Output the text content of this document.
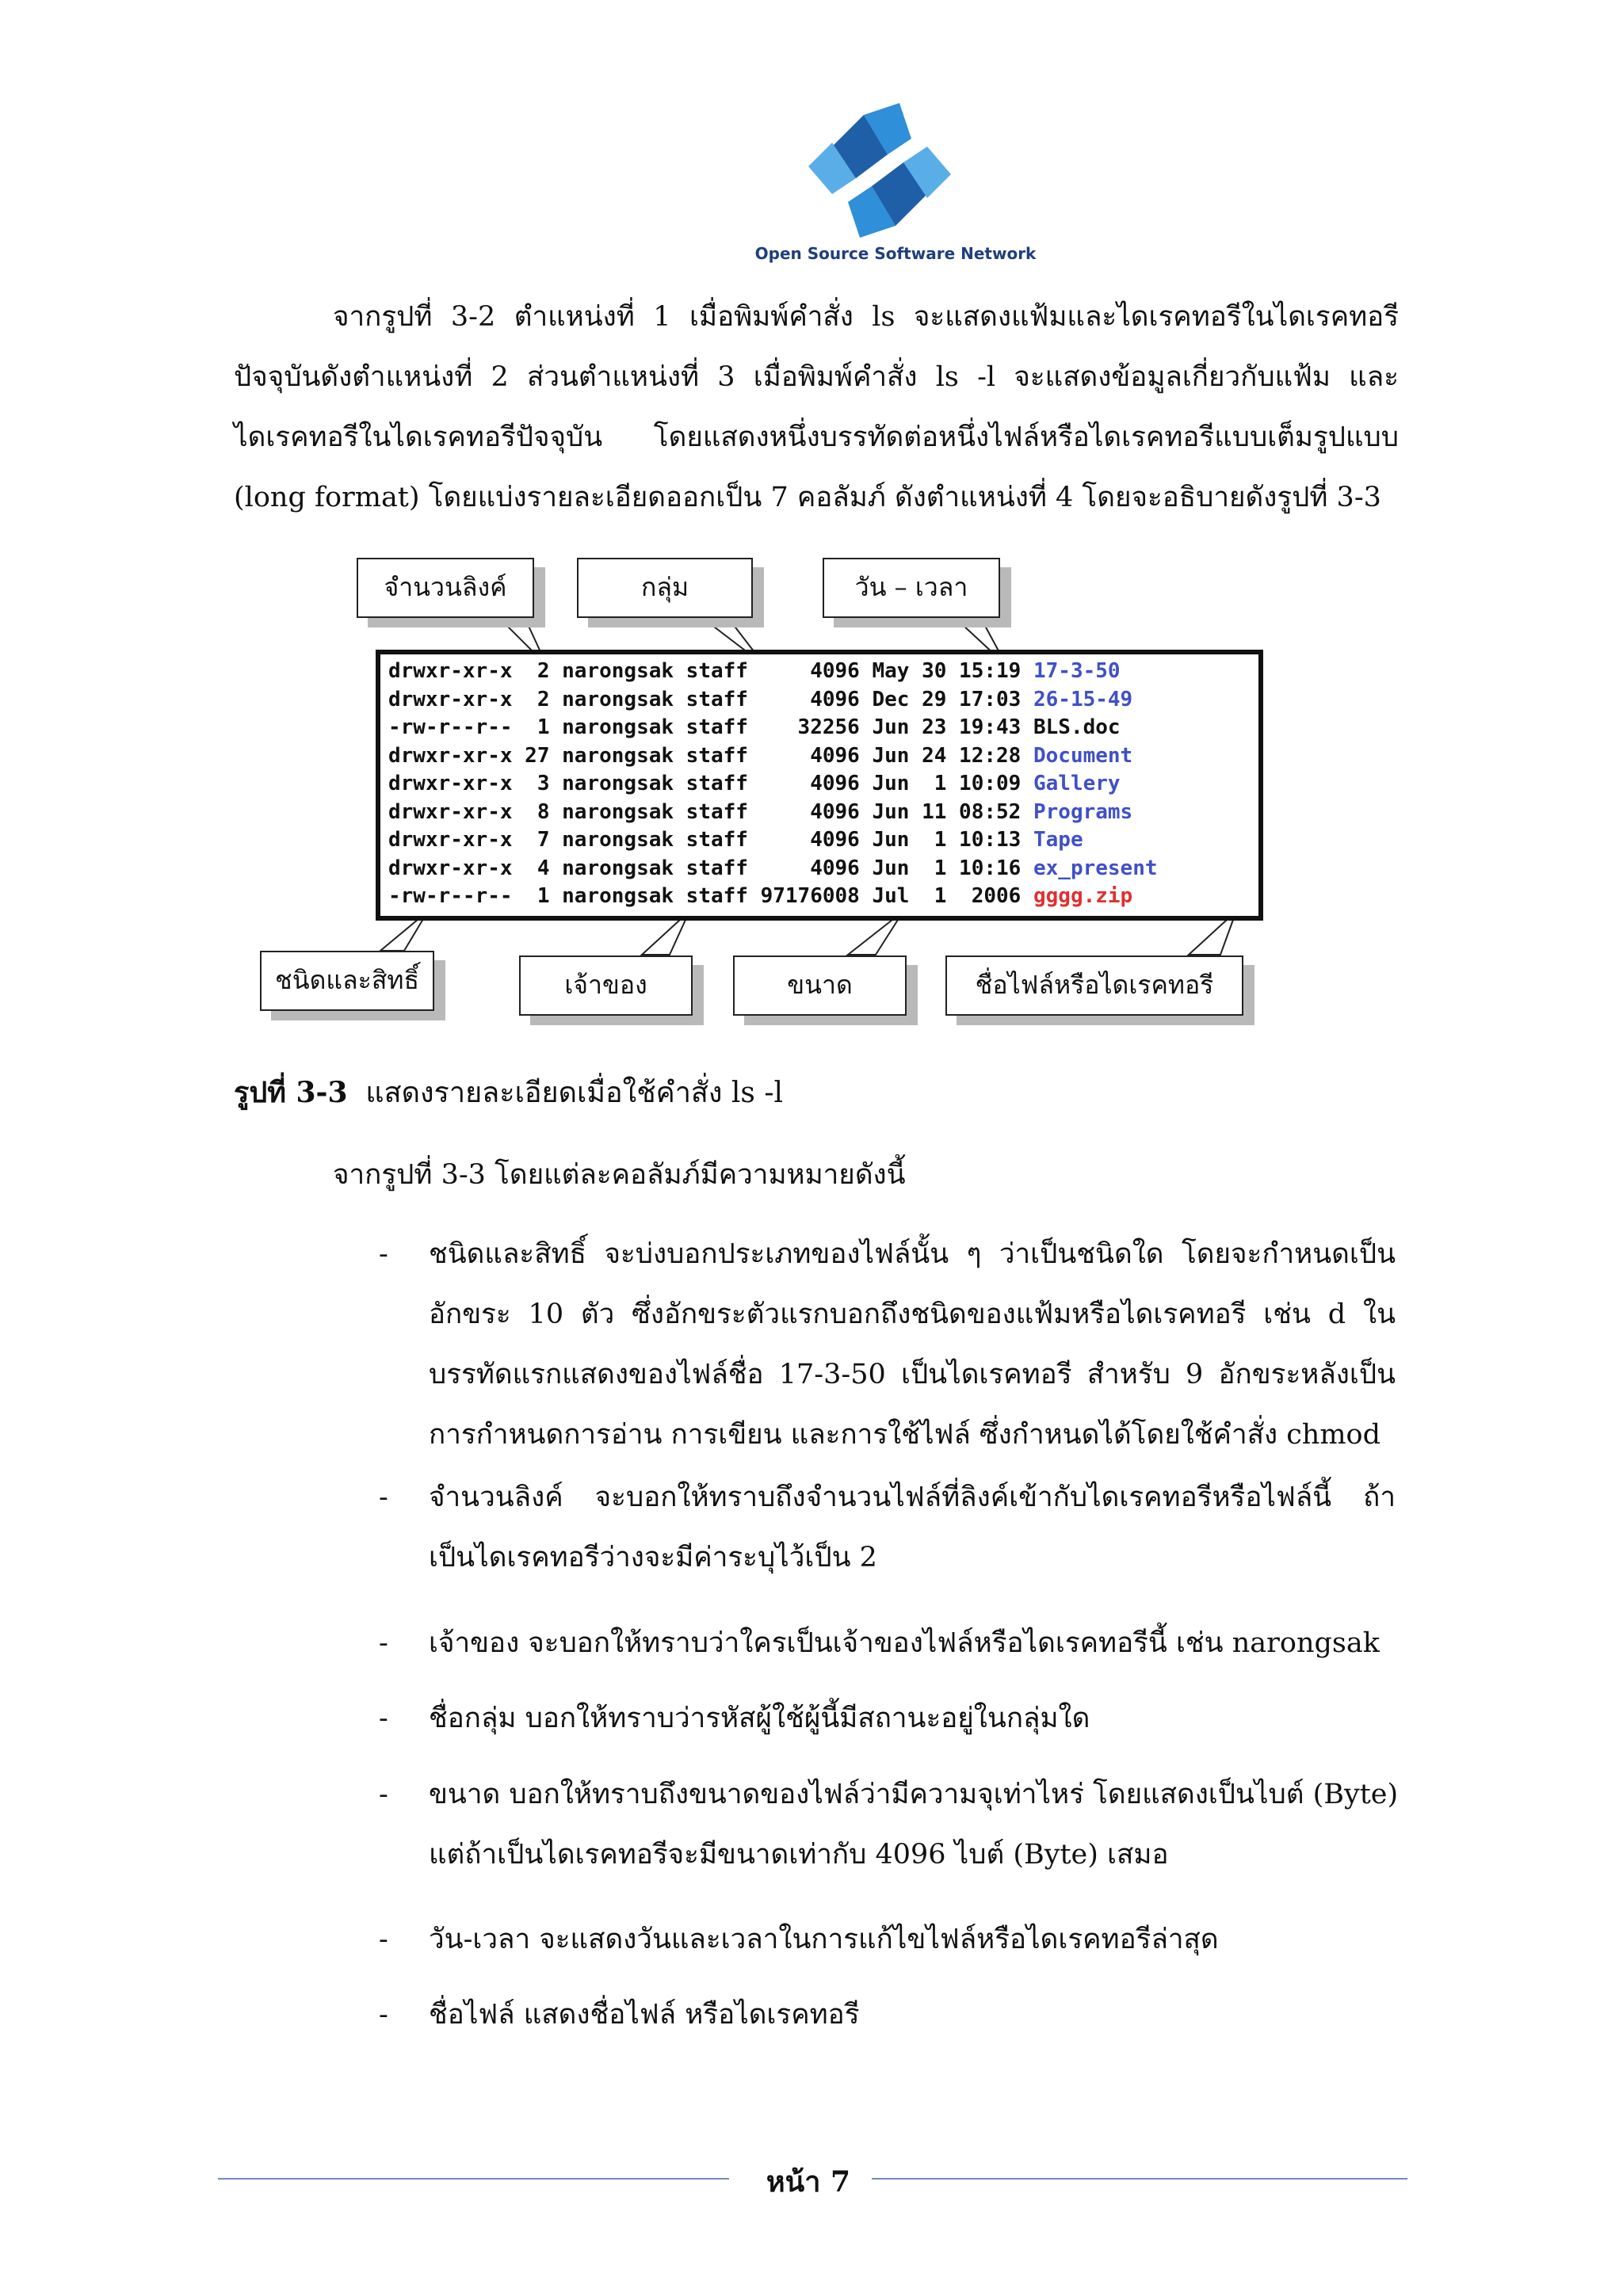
Open Source Software Network
จากรูปที่ 3-2 ตำแหน่งที่ 1 เมื่อพิมพ์คำสั่ง ls จะแสดงแฟ้มและไดเรคทอรีในไดเรคทอรี
ปัจจุบันดังตำแหน่งที่ 2 ส่วนตำแหน่งที่ 3 เมื่อพิมพ์คำสั่ง ls -l จะแสดงข้อมูลเกี่ยวกับแฟ้ม และ
ไดเรคทอรีในไดเรคทอรีปัจจุบัน โดยแสดงหนึ่งบรรทัดต่อหนึ่งไฟล์หรือไดเรคทอรีแบบเต็มรูปแบบ
(long format) โดยแบ่งรายละเอียดออกเป็น 7 คอลัมภ์ ดังตำแหน่งที่ 4 โดยจะอธิบายดังรูปที่ 3-3
จำนวนลิงค์	กลุ่ม	วัน – เวลา
drwxr-xr-x  2 narongsak staff     4096 May 30 15:19 17-3-50
drwxr-xr-x  2 narongsak staff     4096 Dec 29 17:03 26-15-49
-rw-r--r--  1 narongsak staff    32256 Jun 23 19:43 BLS.doc
drwxr-xr-x 27 narongsak staff     4096 Jun 24 12:28 Document
drwxr-xr-x  3 narongsak staff     4096 Jun  1 10:09 Gallery
drwxr-xr-x  8 narongsak staff     4096 Jun 11 08:52 Programs
drwxr-xr-x  7 narongsak staff     4096 Jun  1 10:13 Tape
drwxr-xr-x  4 narongsak staff     4096 Jun  1 10:16 ex_present
-rw-r--r--  1 narongsak staff 97176008 Jul  1  2006 gggg.zip
ชนิดและสิทธิ์	เจ้าของ	ขนาด	ชื่อไฟล์หรือไดเรคทอรี
รูปที่ 3-3 แสดงรายละเอียดเมื่อใช้คำสั่ง ls -l
จากรูปที่ 3-3 โดยแต่ละคอลัมภ์มีความหมายดังนี้
- ชนิดและสิทธิ์ จะบ่งบอกประเภทของไฟล์นั้น ๆ ว่าเป็นชนิดใด โดยจะกำหนดเป็น
อักขระ 10 ตัว ซึ่งอักขระตัวแรกบอกถึงชนิดของแฟ้มหรือไดเรคทอรี เช่น d ใน
บรรทัดแรกแสดงของไฟล์ชื่อ 17-3-50 เป็นไดเรคทอรี สำหรับ 9 อักขระหลังเป็น
การกำหนดการอ่าน การเขียน และการใช้ไฟล์ ซึ่งกำหนดได้โดยใช้คำสั่ง chmod
- จำนวนลิงค์ จะบอกให้ทราบถึงจำนวนไฟล์ที่ลิงค์เข้ากับไดเรคทอรีหรือไฟล์นี้ ถ้า
เป็นไดเรคทอรีว่างจะมีค่าระบุไว้เป็น 2
- เจ้าของ จะบอกให้ทราบว่าใครเป็นเจ้าของไฟล์หรือไดเรคทอรีนี้ เช่น narongsak
- ชื่อกลุ่ม บอกให้ทราบว่ารหัสผู้ใช้ผู้นี้มีสถานะอยู่ในกลุ่มใด
- ขนาด บอกให้ทราบถึงขนาดของไฟล์ว่ามีความจุเท่าไหร่ โดยแสดงเป็นไบต์ (Byte)
แต่ถ้าเป็นไดเรคทอรีจะมีขนาดเท่ากับ 4096 ไบต์ (Byte) เสมอ
- วัน-เวลา จะแสดงวันและเวลาในการแก้ไขไฟล์หรือไดเรคทอรีล่าสุด
- ชื่อไฟล์ แสดงชื่อไฟล์ หรือไดเรคทอรี
หน้า 7
